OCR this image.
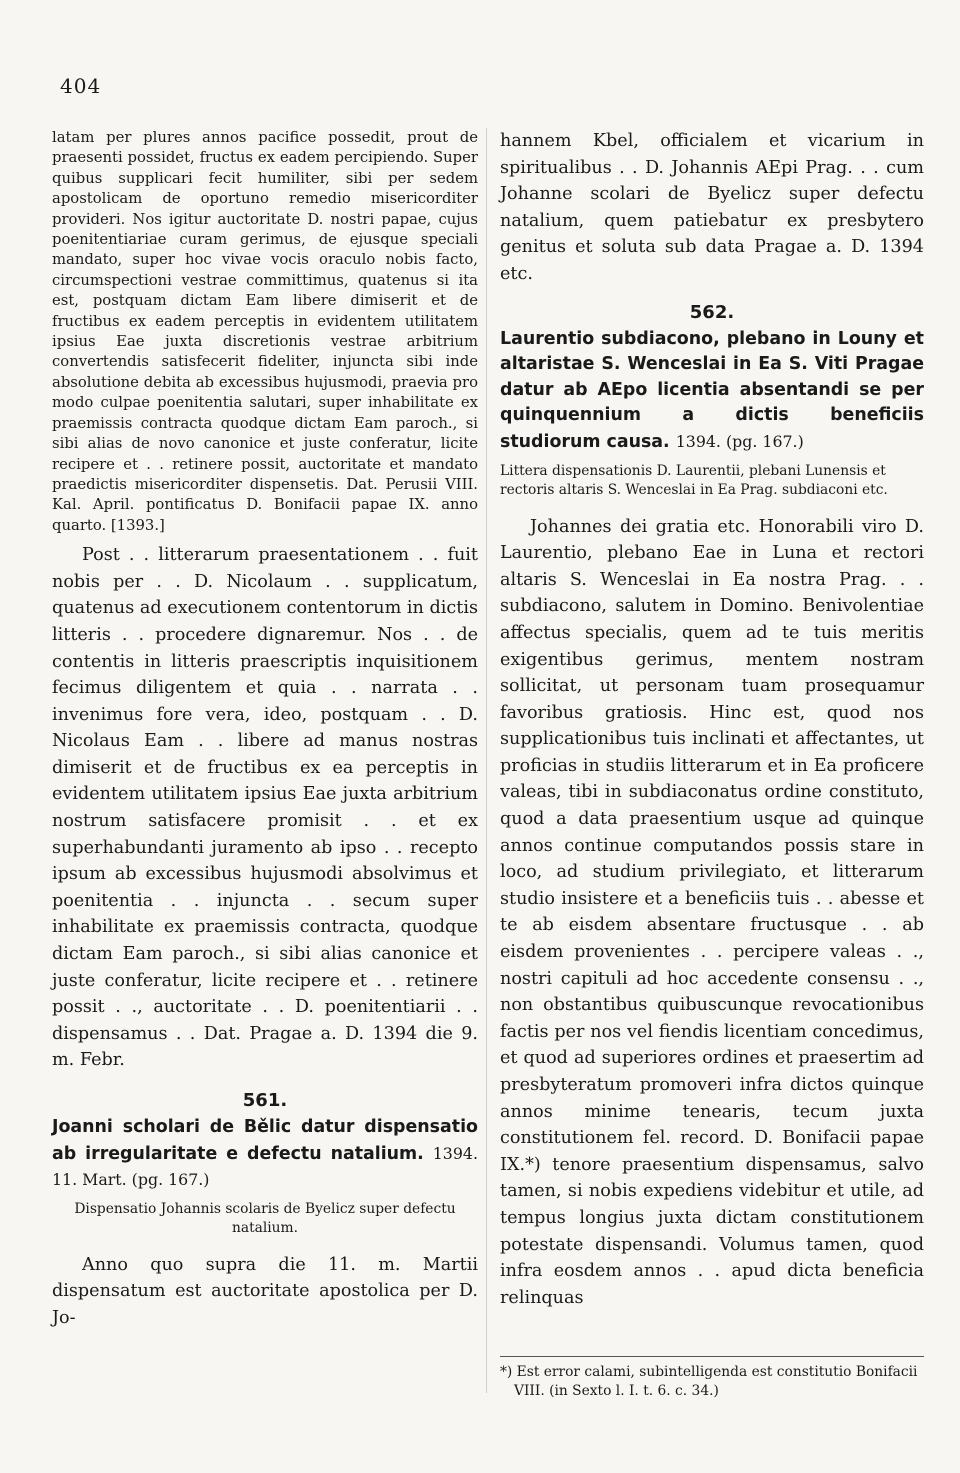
404

latam per plures annos pacifice possedit, prout de praesenti possidet, fructus ex eadem percipiendo. Super quibus supplicari fecit humiliter, sibi per sedem apostolicam de oportuno remedio misericorditer provideri. Nos igitur auctoritate D. nostri papae, cujus poenitentiariae curam gerimus, de ejusque speciali mandato, super hoc vivae vocis oraculo nobis facto, circumspectioni vestrae committimus, quatenus si ita est, postquam dictam Eam libere dimiserit et de fructibus ex eadem perceptis in evidentem utilitatem ipsius Eae juxta discretionis vestrae arbitrium convertendis satisfecerit fideliter, injuncta sibi inde absolutione debita ab excessibus hujusmodi, praevia pro modo culpae poenitentia salutari, super inhabilitate ex praemissis contracta quodque dictam Eam paroch., si sibi alias de novo canonice et juste conferatur, licite recipere et . . retinere possit, auctoritate et mandato praedictis misericorditer dispensetis. Dat. Perusii VIII. Kal. April. pontificatus D. Bonifacii papae IX. anno quarto. [1393.]

Post . . litterarum praesentationem . . fuit nobis per . . D. Nicolaum . . supplicatum, quatenus ad executionem contentorum in dictis litteris . . procedere dignaremur. Nos . . de contentis in litteris praescriptis inquisitionem fecimus diligentem et quia . . narrata . . invenimus fore vera, ideo, postquam . . D. Nicolaus Eam . . libere ad manus nostras dimiserit et de fructibus ex ea perceptis in evidentem utilitatem ipsius Eae juxta arbitrium nostrum satisfacere promisit . . et ex superhabundanti juramento ab ipso . . recepto ipsum ab excessibus hujusmodi absolvimus et poenitentia . . injuncta . . secum super inhabilitate ex praemissis contracta, quodque dictam Eam paroch., si sibi alias canonice et juste conferatur, licite recipere et . . retinere possit . ., auctoritate . . D. poenitentiarii . . dispensamus . . Dat. Pragae a. D. 1394 die 9. m. Febr.

561.
Joanni scholari de Bělic datur dispensatio ab irregularitate e defectu natalium. 1394. 11. Mart. (pg. 167.)

Dispensatio Johannis scolaris de Byelicz super defectu natalium.

Anno quo supra die 11. m. Martii dispensatum est auctoritate apostolica per D. Jo-

hannem Kbel, officialem et vicarium in spiritualibus . . D. Johannis AEpi Prag. . . cum Johanne scolari de Byelicz super defectu natalium, quem patiebatur ex presbytero genitus et soluta sub data Pragae a. D. 1394 etc.

562.
Laurentio subdiacono, plebano in Louny et altaristae S. Wenceslai in Ea S. Viti Pragae datur ab AEpo licentia absentandi se per quinquennium a dictis beneficiis studiorum causa. 1394. (pg. 167.)

Littera dispensationis D. Laurentii, plebani Lunensis et rectoris altaris S. Wenceslai in Ea Prag. subdiaconi etc.

Johannes dei gratia etc. Honorabili viro D. Laurentio, plebano Eae in Luna et rectori altaris S. Wenceslai in Ea nostra Prag. . . subdiacono, salutem in Domino. Benivolentiae affectus specialis, quem ad te tuis meritis exigentibus gerimus, mentem nostram sollicitat, ut personam tuam prosequamur favoribus gratiosis. Hinc est, quod nos supplicationibus tuis inclinati et affectantes, ut proficias in studiis litterarum et in Ea proficere valeas, tibi in subdiaconatus ordine constituto, quod a data praesentium usque ad quinque annos continue computandos possis stare in loco, ad studium privilegiato, et litterarum studio insistere et a beneficiis tuis . . abesse et te ab eisdem absentare fructusque . . ab eisdem provenientes . . percipere valeas . ., nostri capituli ad hoc accedente consensu . ., non obstantibus quibuscunque revocationibus factis per nos vel fiendis licentiam concedimus, et quod ad superiores ordines et praesertim ad presbyteratum promoveri infra dictos quinque annos minime tenearis, tecum juxta constitutionem fel. record. D. Bonifacii papae IX.*) tenore praesentium dispensamus, salvo tamen, si nobis expediens videbitur et utile, ad tempus longius juxta dictam constitutionem potestate dispensandi. Volumus tamen, quod infra eosdem annos . . apud dicta beneficia relinquas

*) Est error calami, subintelligenda est constitutio Bonifacii VIII. (in Sexto l. I. t. 6. c. 34.)
